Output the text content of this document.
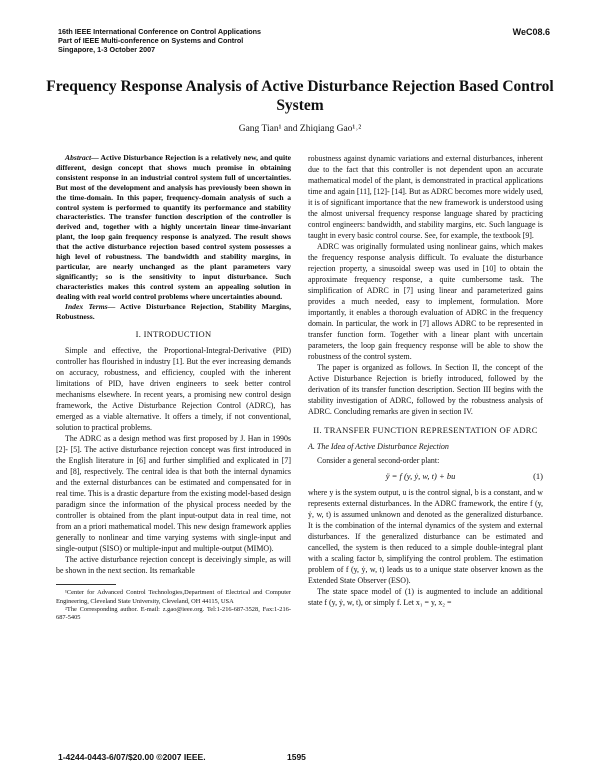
16th IEEE International Conference on Control Applications
Part of IEEE Multi-conference on Systems and Control
Singapore, 1-3 October 2007
WeC08.6
Frequency Response Analysis of Active Disturbance Rejection Based Control System
Gang Tian¹ and Zhiqiang Gao¹˒²

Abstract— Active Disturbance Rejection is a relatively new, and quite different, design concept that shows much promise in obtaining consistent response in an industrial control system full of uncertainties. But most of the development and analysis has previously been shown in the time-domain. In this paper, frequency-domain analysis of such a control system is performed to quantify its performance and stability characteristics. The transfer function description of the controller is derived and, together with a highly uncertain linear time-invariant plant, the loop gain frequency response is analyzed. The result shows that the active disturbance rejection based control system possesses a high level of robustness. The bandwidth and stability margins, in particular, are nearly unchanged as the plant parameters vary significantly; so is the sensitivity to input disturbance. Such characteristics makes this control system an appealing solution in dealing with real world control problems where uncertainties abound.

Index Terms— Active Disturbance Rejection, Stability Margins, Robustness.

I. INTRODUCTION

Simple and effective, the Proportional-Integral-Derivative (PID) controller has flourished in industry [1]. But the ever increasing demands on accuracy, robustness, and efficiency, coupled with the inherent limitations of PID, have driven engineers to seek better control mechanisms elsewhere. In recent years, a promising new control design framework, the Active Disturbance Rejection Control (ADRC), has emerged as a viable alternative. It offers a timely, if not conventional, solution to practical problems.

The ADRC as a design method was first proposed by J. Han in 1990s [2]- [5]. The active disturbance rejection concept was first introduced in the English literature in [6] and further simplified and explicated in [7] and [8], respectively. The central idea is that both the internal dynamics and the external disturbances can be estimated and compensated for in real time. This is a drastic departure from the existing model-based design paradigm since the information of the physical process needed by the controller is obtained from the plant input-output data in real time, not from an a priori mathematical model. This new design framework applies generally to nonlinear and time varying systems with single-input and single-output (SISO) or multiple-input and multiple-output (MIMO).

The active disturbance rejection concept is deceivingly simple, as will be shown in the next section. Its remarkable

¹Center for Advanced Control Technologies,Department of Electrical and Computer Engineering, Cleveland State University, Cleveland, OH 44115, USA

²The Corresponding author. E-mail: z.gao@ieee.org. Tel:1-216-687-3528, Fax:1-216-687-5405

robustness against dynamic variations and external disturbances, inherent due to the fact that this controller is not dependent upon an accurate mathematical model of the plant, is demonstrated in practical applications time and again [11], [12]- [14]. But as ADRC becomes more widely used, it is of significant importance that the new framework is understood using the almost universal frequency response language shared by practicing control engineers: bandwidth, and stability margins, etc. Such language is taught in every basic control course. See, for example, the textbook [9].

ADRC was originally formulated using nonlinear gains, which makes the frequency response analysis difficult. To evaluate the disturbance rejection property, a sinusoidal sweep was used in [10] to obtain the approximate frequency response, a quite cumbersome task. The simplification of ADRC in [7] using linear and parameterized gains provides a much needed, easy to implement, formulation. More importantly, it enables a thorough evaluation of ADRC in the frequency domain. In particular, the work in [7] allows ADRC to be represented in transfer function form. Together with a linear plant with uncertain parameters, the loop gain frequency response will be able to show the robustness of the control system.

The paper is organized as follows. In Section II, the concept of the Active Disturbance Rejection is briefly introduced, followed by the derivation of its transfer function description. Section III begins with the stability investigation of ADRC, followed by the robustness analysis of ADRC. Concluding remarks are given in section IV.

II. TRANSFER FUNCTION REPRESENTATION OF ADRC
A. The Idea of Active Disturbance Rejection

Consider a general second-order plant:

ÿ = f (y, ẏ, w, t) + bu	(1)

where y is the system output, u is the control signal, b is a constant, and w represents external disturbances. In the ADRC framework, the entire f (y, ẏ, w, t) is assumed unknown and denoted as the generalized disturbance. It is the combination of the internal dynamics of the system and external disturbances. If the generalized disturbance can be estimated and cancelled, the system is then reduced to a simple double-integral plant with a scaling factor b, simplifying the control problem. The estimation problem of f (y, ẏ, w, t) leads us to a unique state observer known as the Extended State Observer (ESO).

The state space model of (1) is augmented to include an additional state f (y, ẏ, w, t), or simply f. Let x₁ = y, x₂ =

1-4244-0443-6/07/$20.00 ©2007 IEEE.	1595
